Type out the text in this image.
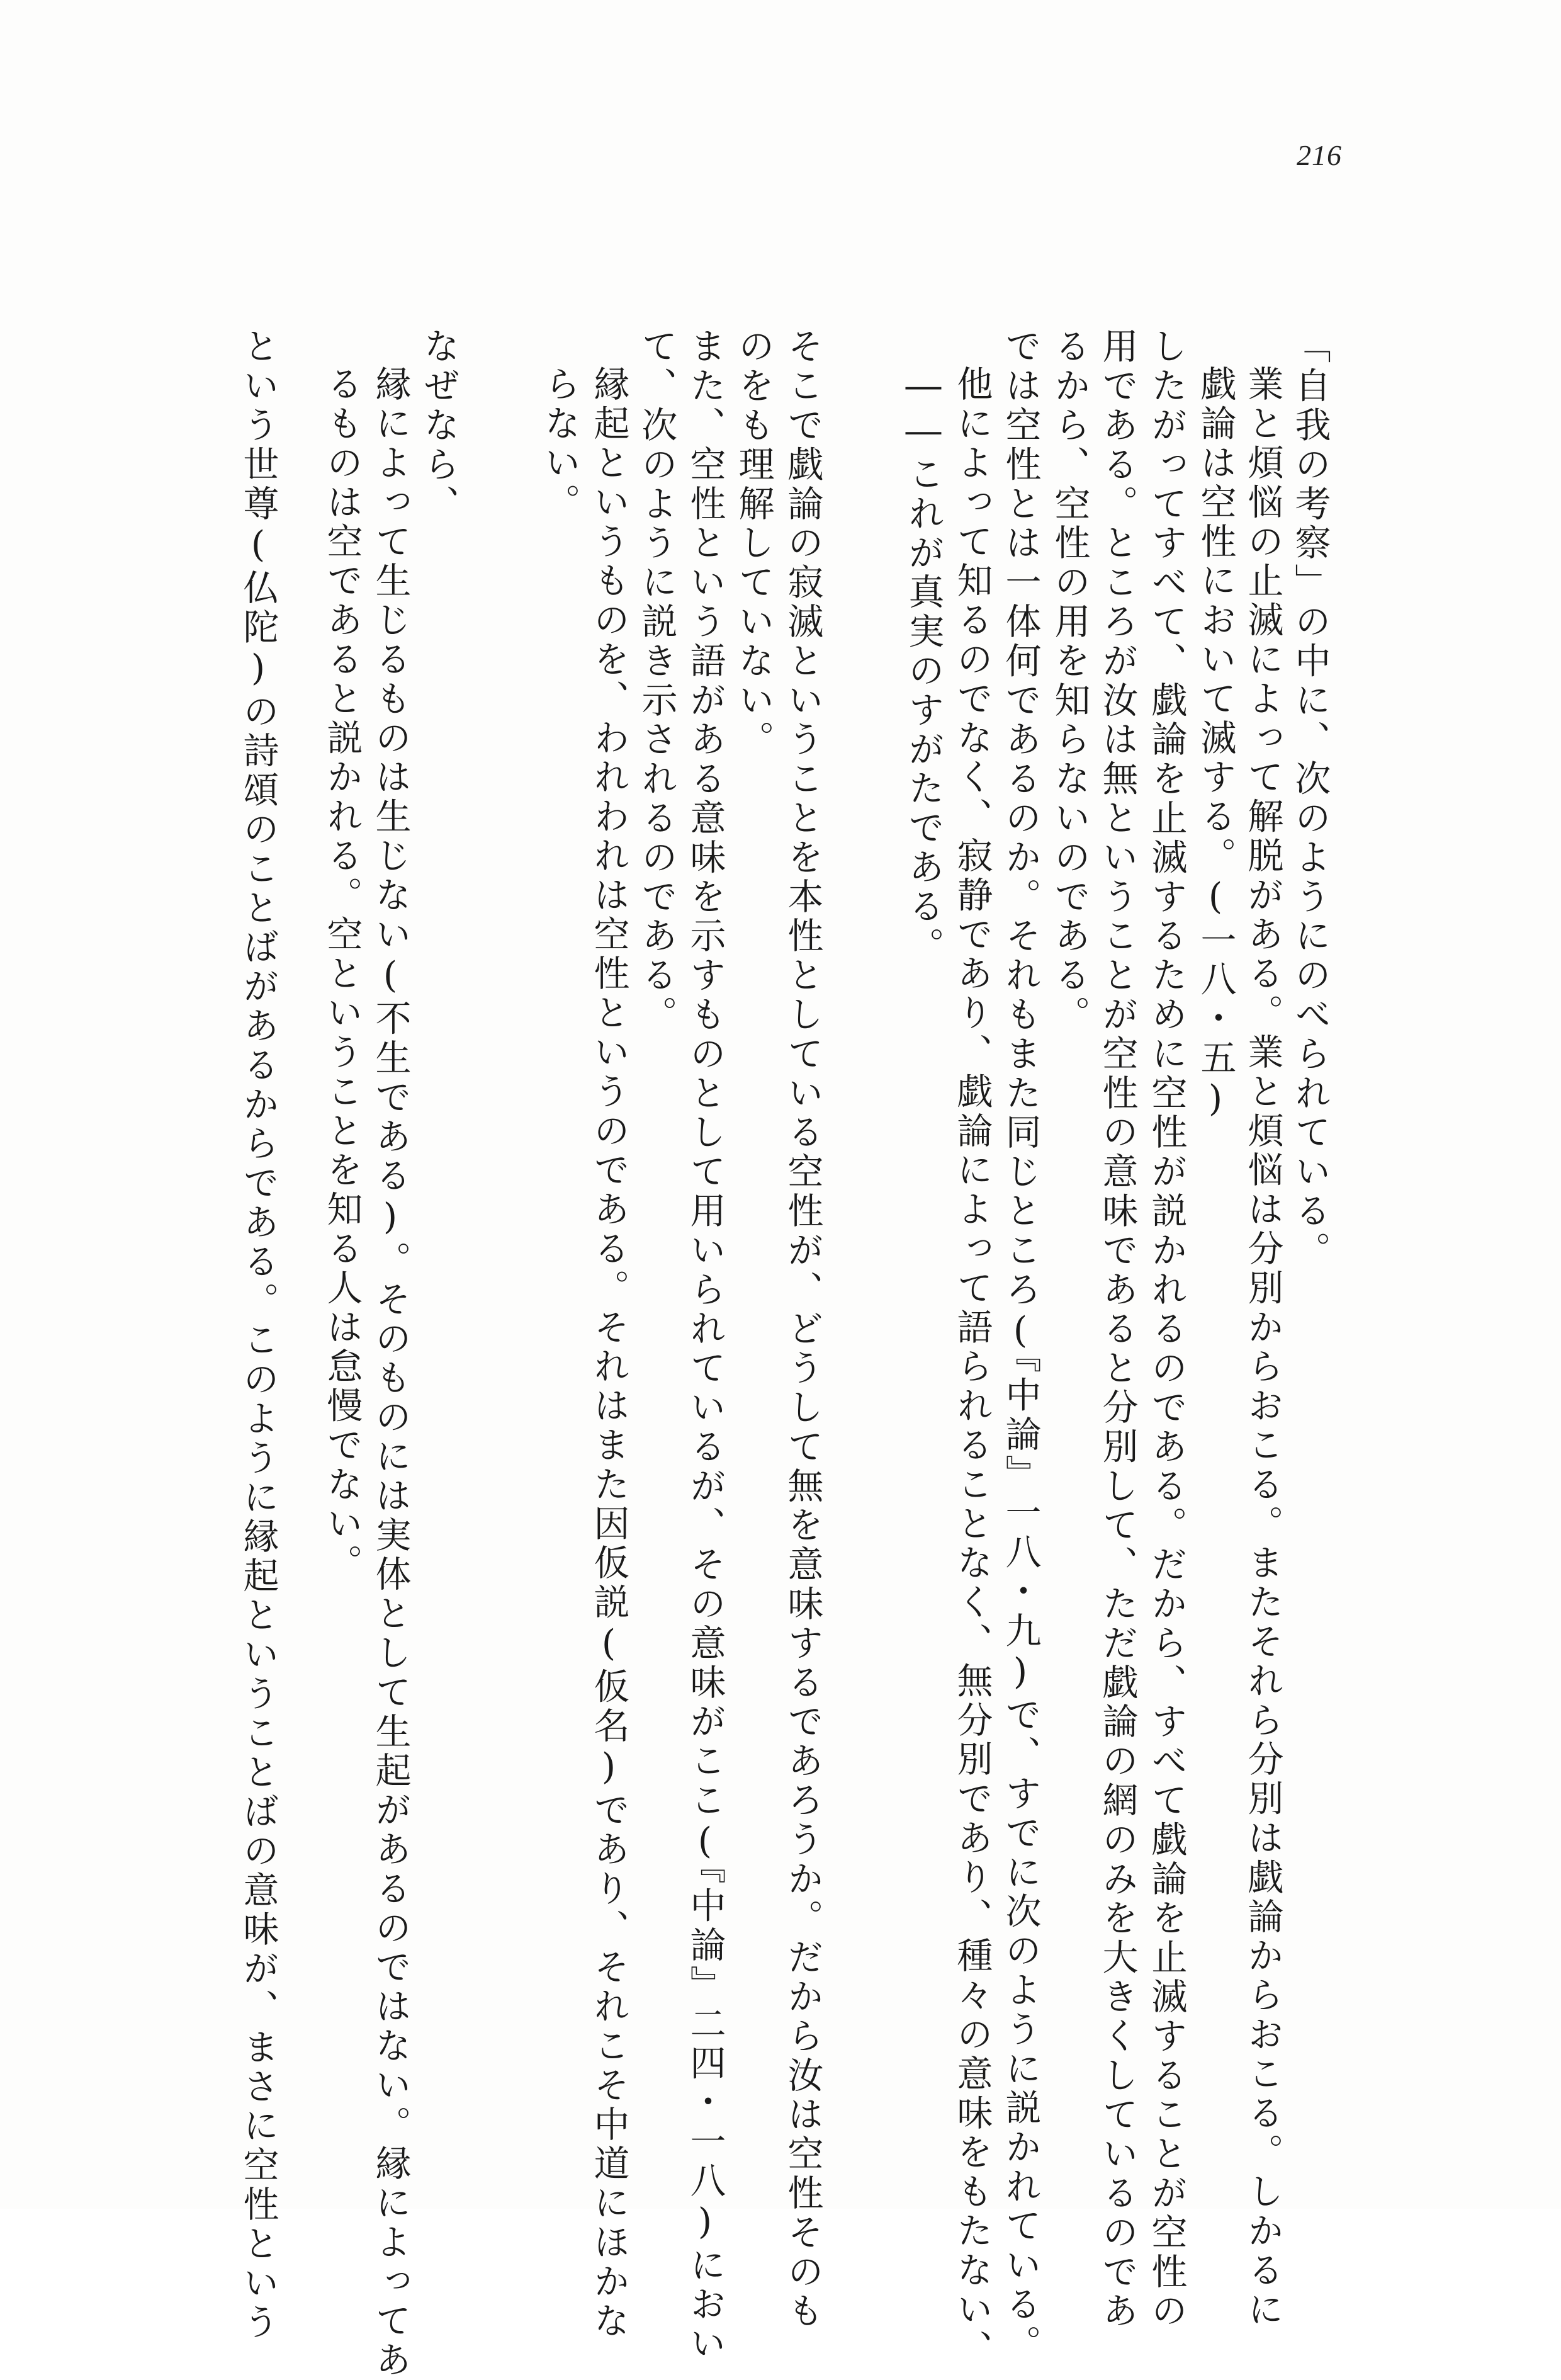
216
「自我の考察」の中に、次のようにのべられている。
業と煩悩の止滅によって解脱がある。業と煩悩は分別からおこる。またそれら分別は戯論からおこる。しかるに
戯論は空性において滅する。(一八・五)
したがってすべて、戯論を止滅するために空性が説かれるのである。だから、すべて戯論を止滅することが空性の
用である。ところが汝は無ということが空性の意味であると分別して、ただ戯論の網のみを大きくしているのであ
るから、空性の用を知らないのである。
では空性とは一体何であるのか。それもまた同じところ(『中論』一八・九)で、すでに次のように説かれている。
他によって知るのでなく、寂静であり、戯論によって語られることなく、無分別であり、種々の意味をもたない、
――これが真実のすがたである。
そこで戯論の寂滅ということを本性としている空性が、どうして無を意味するであろうか。だから汝は空性そのも
のをも理解していない。
また、空性という語がある意味を示すものとして用いられているが、その意味がここ(『中論』二四・一八)におい
て、次のように説き示されるのである。
縁起というものを、われわれは空性というのである。それはまた因仮説(仮名)であり、それこそ中道にほかな
らない。
なぜなら、
縁によって生じるものは生じない(不生である)。そのものには実体として生起があるのではない。縁によってあ
るものは空であると説かれる。空ということを知る人は怠慢でない。
という世尊(仏陀)の詩頌のことばがあるからである。このように縁起ということばの意味が、まさに空性という
